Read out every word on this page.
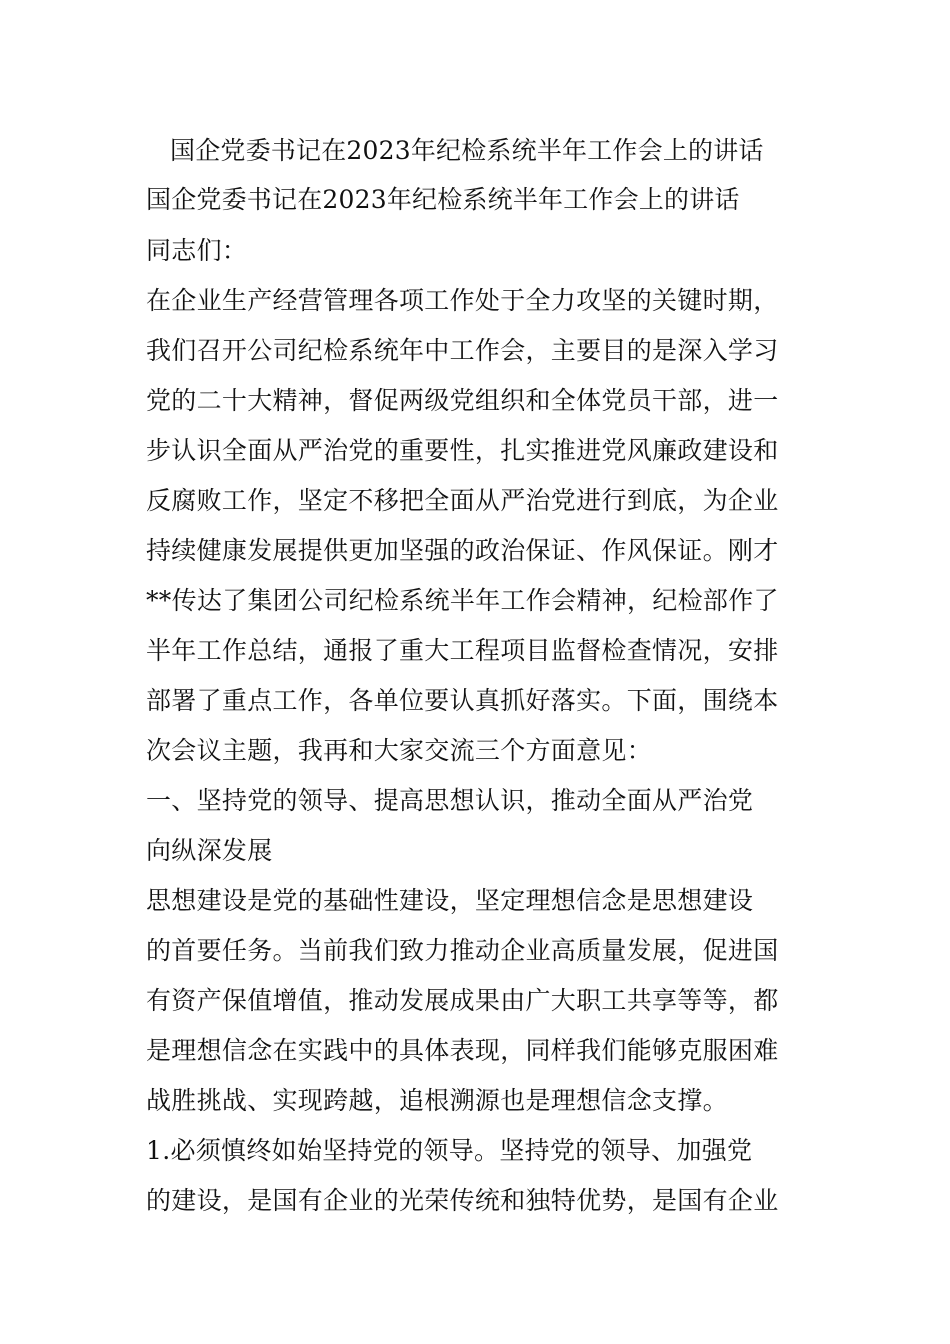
国企党委书记在2023年纪检系统半年工作会上的讲话
国企党委书记在2023年纪检系统半年工作会上的讲话
同志们：
在企业生产经营管理各项工作处于全力攻坚的关键时期，
我们召开公司纪检系统年中工作会，主要目的是深入学习
党的二十大精神，督促两级党组织和全体党员干部，进一
步认识全面从严治党的重要性，扎实推进党风廉政建设和
反腐败工作，坚定不移把全面从严治党进行到底，为企业
持续健康发展提供更加坚强的政治保证、作风保证。刚才
**传达了集团公司纪检系统半年工作会精神，纪检部作了
半年工作总结，通报了重大工程项目监督检查情况，安排
部署了重点工作，各单位要认真抓好落实。下面，围绕本
次会议主题，我再和大家交流三个方面意见：
一、坚持党的领导、提高思想认识，推动全面从严治党
向纵深发展
思想建设是党的基础性建设，坚定理想信念是思想建设
的首要任务。当前我们致力推动企业高质量发展，促进国
有资产保值增值，推动发展成果由广大职工共享等等，都
是理想信念在实践中的具体表现，同样我们能够克服困难
战胜挑战、实现跨越，追根溯源也是理想信念支撑。
1.必须慎终如始坚持党的领导。坚持党的领导、加强党
的建设，是国有企业的光荣传统和独特优势，是国有企业
